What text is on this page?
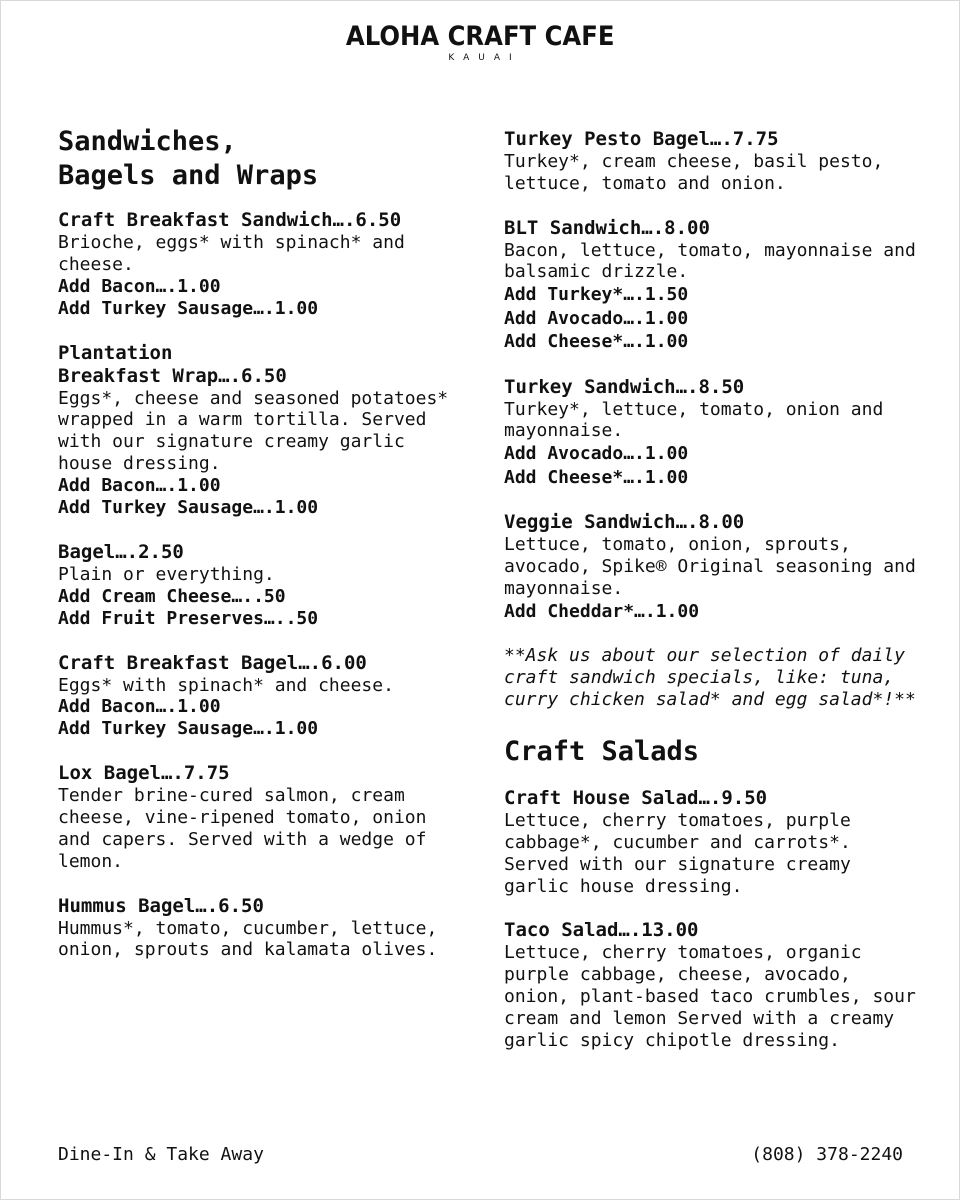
ALOHA CRAFT CAFE
KAUAI
Sandwiches,
Bagels and Wraps
Craft Breakfast Sandwich….6.50
Brioche, eggs* with spinach* and cheese.
Add Bacon….1.00
Add Turkey Sausage….1.00
Plantation
Breakfast Wrap….6.50
Eggs*, cheese and seasoned potatoes* wrapped in a warm tortilla. Served with our signature creamy garlic house dressing.
Add Bacon….1.00
Add Turkey Sausage….1.00
Bagel….2.50
Plain or everything.
Add Cream Cheese…..50
Add Fruit Preserves…..50
Craft Breakfast Bagel….6.00
Eggs* with spinach* and cheese.
Add Bacon….1.00
Add Turkey Sausage….1.00
Lox Bagel….7.75
Tender brine-cured salmon, cream cheese, vine-ripened tomato, onion and capers. Served with a wedge of lemon.
Hummus Bagel….6.50
Hummus*, tomato, cucumber, lettuce, onion, sprouts and kalamata olives.
Turkey Pesto Bagel….7.75
Turkey*, cream cheese, basil pesto, lettuce, tomato and onion.
BLT Sandwich….8.00
Bacon, lettuce, tomato, mayonnaise and balsamic drizzle.
Add Turkey*….1.50
Add Avocado….1.00
Add Cheese*….1.00
Turkey Sandwich….8.50
Turkey*, lettuce, tomato, onion and mayonnaise.
Add Avocado….1.00
Add Cheese*….1.00
Veggie Sandwich….8.00
Lettuce, tomato, onion, sprouts, avocado, Spike® Original seasoning and mayonnaise.
Add Cheddar*….1.00
**Ask us about our selection of daily craft sandwich specials, like: tuna, curry chicken salad* and egg salad*!**
Craft Salads
Craft House Salad….9.50
Lettuce, cherry tomatoes, purple cabbage*, cucumber and carrots*. Served with our signature creamy garlic house dressing.
Taco Salad….13.00
Lettuce, cherry tomatoes, organic purple cabbage, cheese, avocado, onion, plant-based taco crumbles, sour cream and lemon Served with a creamy garlic spicy chipotle dressing.
Dine-In & Take Away	(808) 378-2240
